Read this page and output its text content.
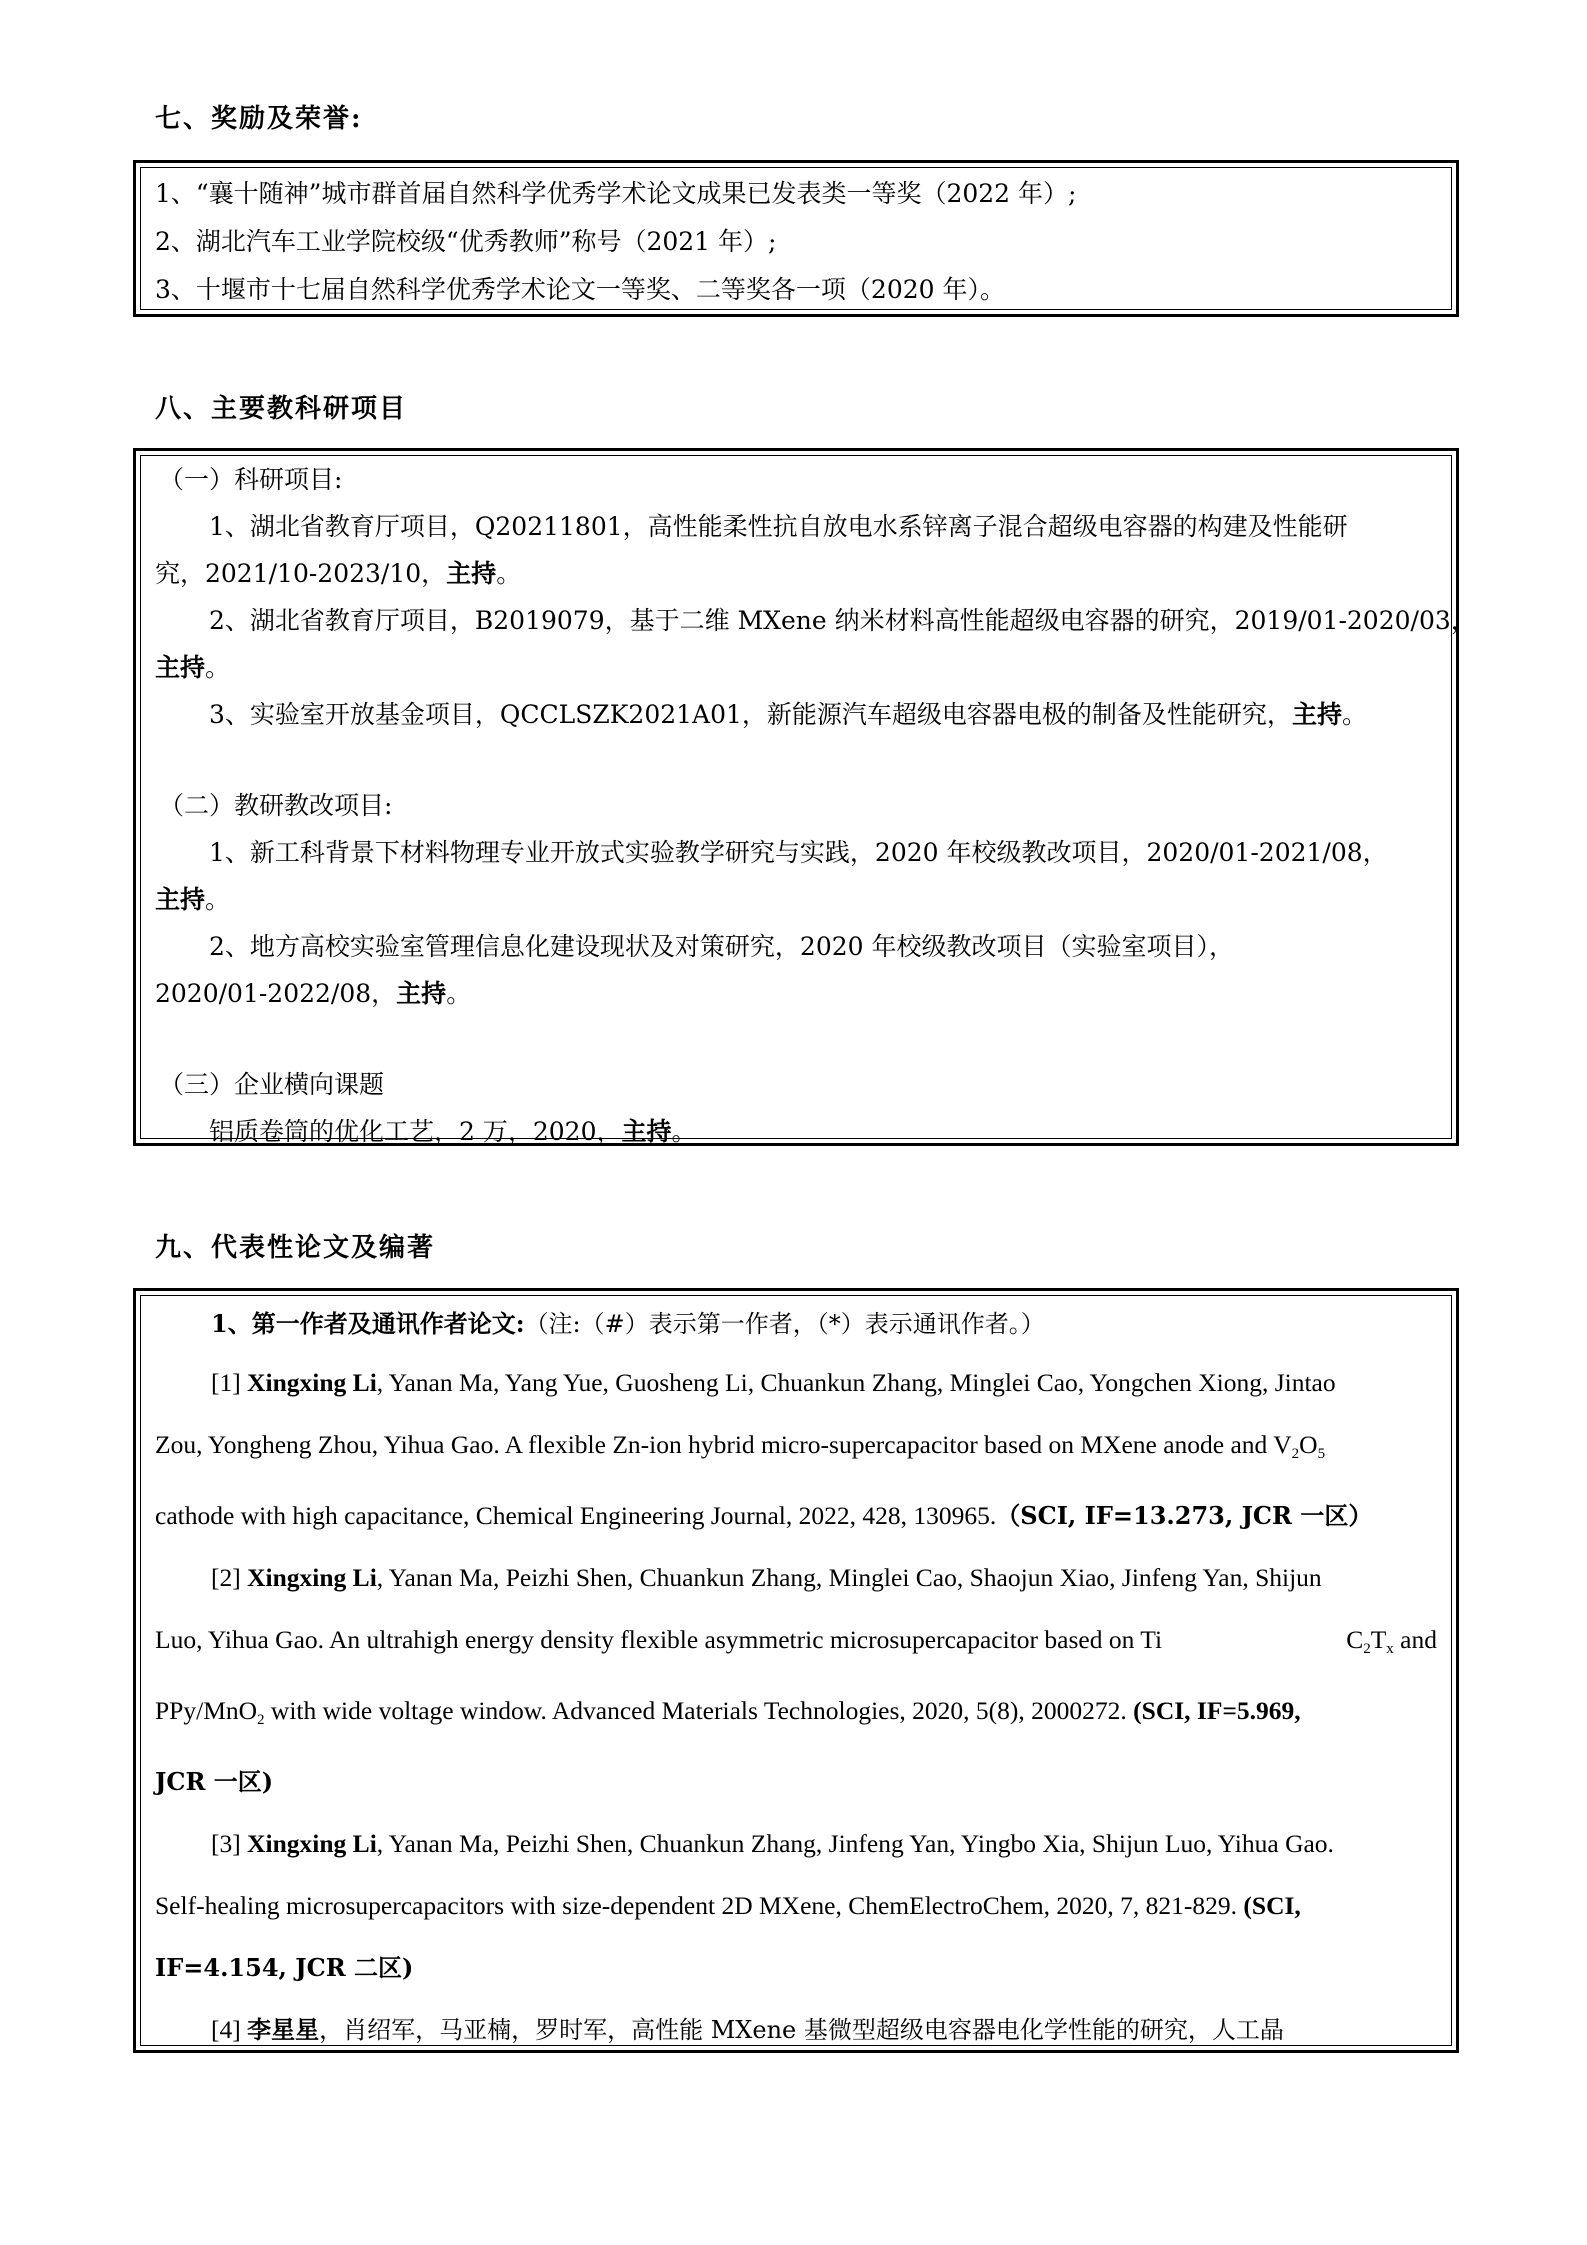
七、奖励及荣誉:
1、“襄十随神”城市群首届自然科学优秀学术论文成果已发表类一等奖（2022 年）;
2、湖北汽车工业学院校级“优秀教师”称号（2021 年）;
3、十堰市十七届自然科学优秀学术论文一等奖、二等奖各一项（2020 年）。
八、主要教科研项目
（一）科研项目:
1、湖北省教育厅项目，Q20211801，高性能柔性抗自放电水系锌离子混合超级电容器的构建及性能研
究，2021/10-2023/10，主持。
2、湖北省教育厅项目，B2019079，基于二维 MXene 纳米材料高性能超级电容器的研究，2019/01-2020/03，
主持。
3、实验室开放基金项目，QCCLSZK2021A01，新能源汽车超级电容器电极的制备及性能研究，主持。
（二）教研教改项目:
1、新工科背景下材料物理专业开放式实验教学研究与实践，2020 年校级教改项目，2020/01-2021/08，
主持。
2、地方高校实验室管理信息化建设现状及对策研究，2020 年校级教改项目（实验室项目），
2020/01-2022/08，主持。
（三）企业横向课题
铝质卷筒的优化工艺，2 万，2020，主持。
九、代表性论文及编著
1、第一作者及通讯作者论文:（注:（#）表示第一作者，（*）表示通讯作者。）
[1] Xingxing Li, Yanan Ma, Yang Yue, Guosheng Li, Chuankun Zhang, Minglei Cao, Yongchen Xiong, Jintao
Zou, Yongheng Zhou, Yihua Gao. A flexible Zn-ion hybrid micro-supercapacitor based on MXene anode and V2O5
cathode with high capacitance, Chemical Engineering Journal, 2022, 428, 130965.（SCI, IF=13.273, JCR 一区）
[2] Xingxing Li, Yanan Ma, Peizhi Shen, Chuankun Zhang, Minglei Cao, Shaojun Xiao, Jinfeng Yan, Shijun
Luo, Yihua Gao. An ultrahigh energy density flexible asymmetric microsupercapacitor based on Ti	C2Tx and
PPy/MnO2 with wide voltage window. Advanced Materials Technologies, 2020, 5(8), 2000272. (SCI, IF=5.969,
JCR 一区)
[3] Xingxing Li, Yanan Ma, Peizhi Shen, Chuankun Zhang, Jinfeng Yan, Yingbo Xia, Shijun Luo, Yihua Gao.
Self-healing microsupercapacitors with size-dependent 2D MXene, ChemElectroChem, 2020, 7, 821-829. (SCI,
IF=4.154, JCR 二区)
[4] 李星星，肖绍军，马亚楠，罗时军，高性能 MXene 基微型超级电容器电化学性能的研究，人工晶
